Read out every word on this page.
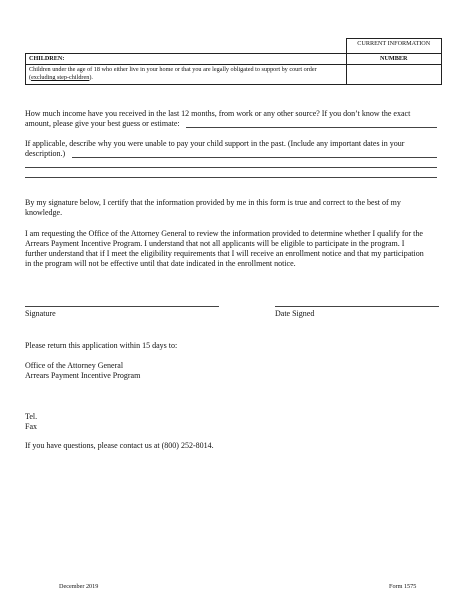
	CURRENT INFORMATION
CHILDREN:	NUMBER
Children under the age of 18 who either live in your home or that you are legally obligated to support by court order (excluding step-children).	
How much income have you received in the last 12 months, from work or any other source? If you don’t know the exact
amount, please give your best guess or estimate:
If applicable, describe why you were unable to pay your child support in the past. (Include any important dates in your
description.)
By my signature below, I certify that the information provided by me in this form is true and correct to the best of my
knowledge.
I am requesting the Office of the Attorney General to review the information provided to determine whether I qualify for the
Arrears Payment Incentive Program. I understand that not all applicants will be eligible to participate in the program. I
further understand that if I meet the eligibility requirements that I will receive an enrollment notice and that my participation
in the program will not be effective until that date indicated in the enrollment notice.
Signature	Date Signed
Please return this application within 15 days to:
Office of the Attorney General
Arrears Payment Incentive Program
Tel.
Fax
If you have questions, please contact us at (800) 252-8014.
December 2019	Form 1575
